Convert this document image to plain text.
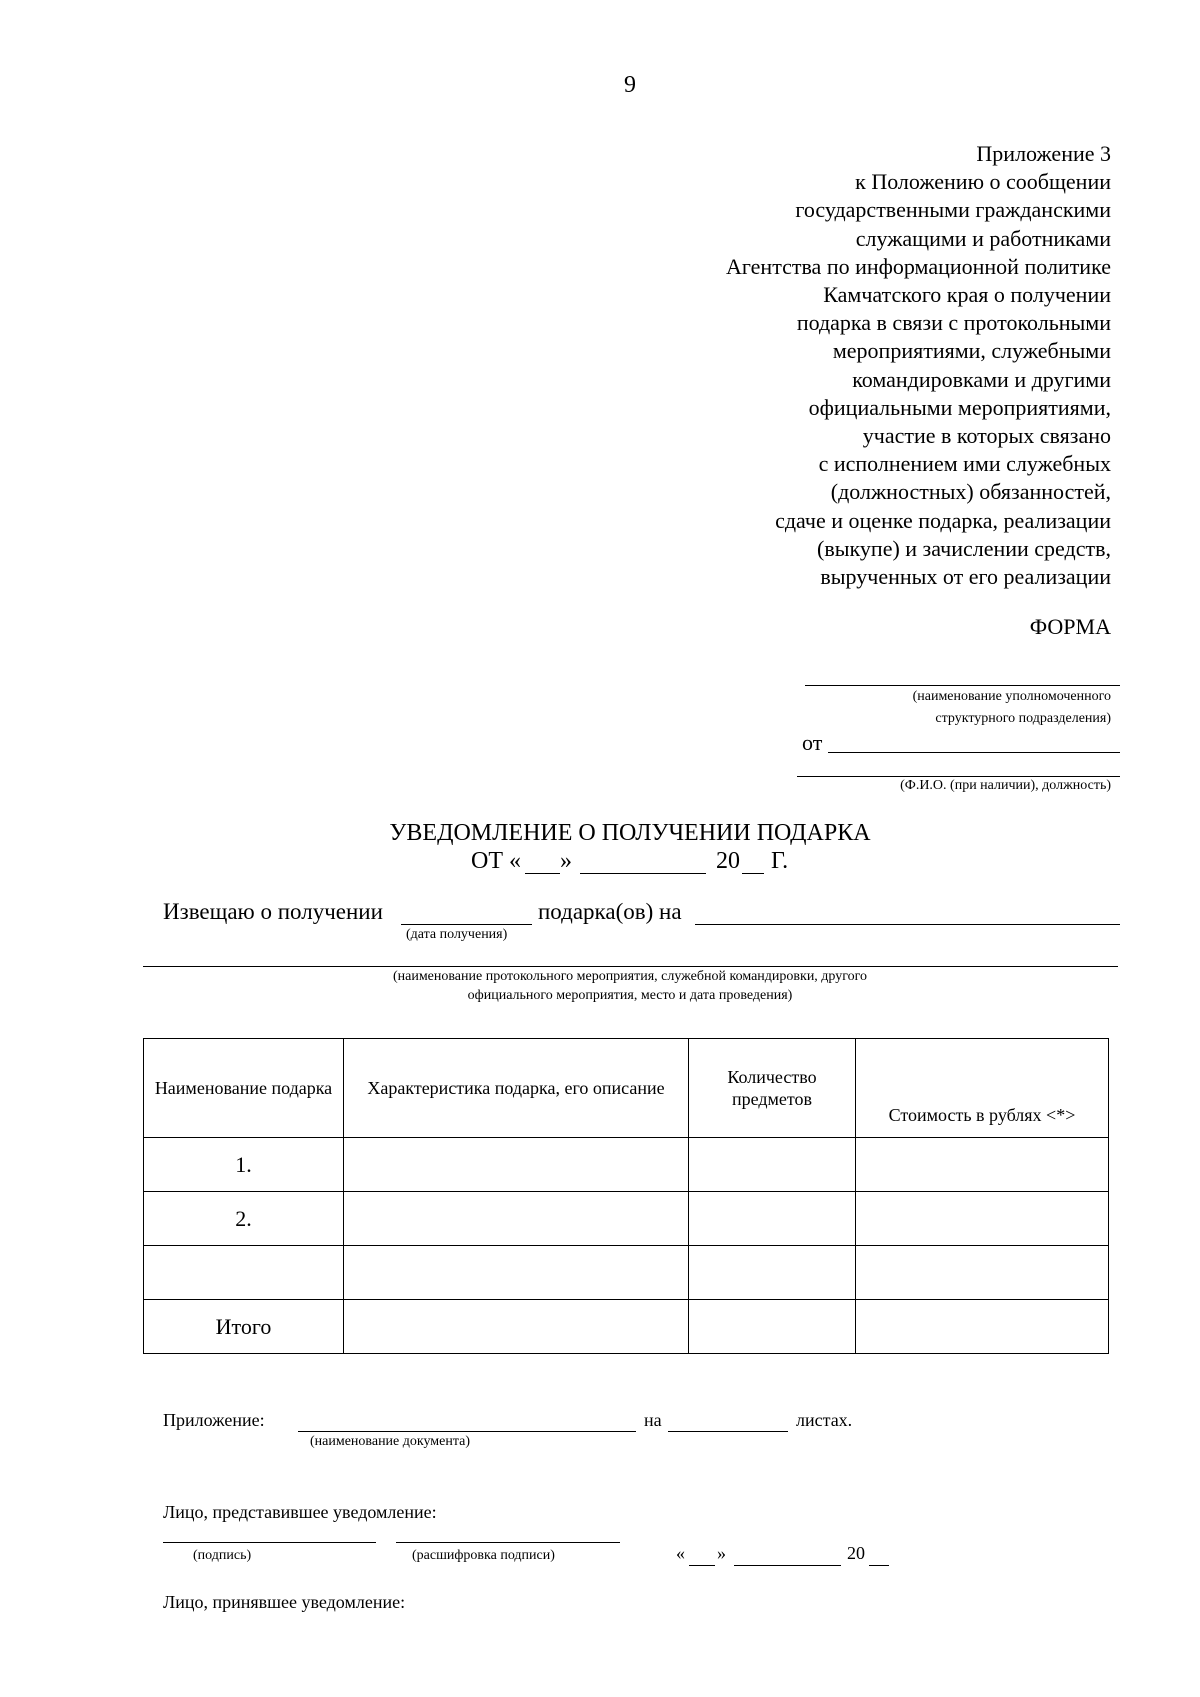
9
Приложение 3
к Положению о сообщении
государственными гражданскими
служащими и работниками
Агентства по информационной политике
Камчатского края о получении
подарка в связи с протокольными
мероприятиями, служебными
командировками и другими
официальными мероприятиями,
участие в которых связано
с исполнением ими служебных
(должностных) обязанностей,
сдаче и оценке подарка, реализации
(выкупе) и зачислении средств,
вырученных от его реализации
ФОРМА
(наименование уполномоченного
структурного подразделения)
от
(Ф.И.О. (при наличии), должность)
УВЕДОМЛЕНИЕ О ПОЛУЧЕНИИ ПОДАРКА
ОТ « »	20 Г.
Извещаю о получении	подарка(ов) на
(дата получения)
(наименование протокольного мероприятия, служебной командировки, другого
официального мероприятия, место и дата проведения)
Наименование подарка	Характеристика подарка, его описание	Количество предметов	Стоимость в рублях <*>
1.			
2.			

Итого			
Приложение:	на	листах.
(наименование документа)
Лицо, представившее уведомление:
(подпись)	(расшифровка подписи)	« »	20
Лицо, принявшее уведомление:
